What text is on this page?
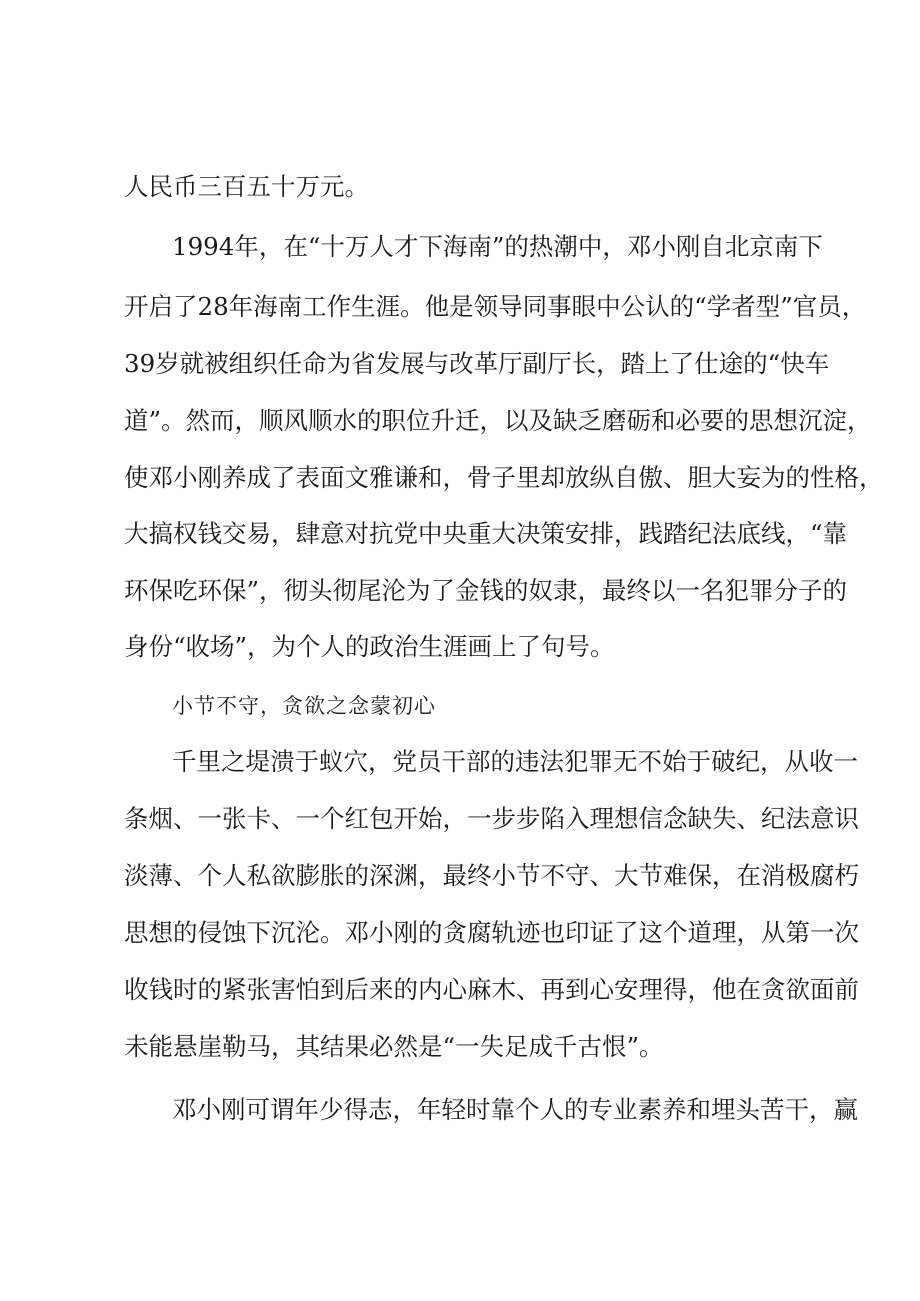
人民币三百五十万元。
1994年，在“十万人才下海南”的热潮中，邓小刚自北京南下
开启了28年海南工作生涯。他是领导同事眼中公认的“学者型”官员，
39岁就被组织任命为省发展与改革厅副厅长，踏上了仕途的“快车
道”。然而，顺风顺水的职位升迁，以及缺乏磨砺和必要的思想沉淀，
使邓小刚养成了表面文雅谦和，骨子里却放纵自傲、胆大妄为的性格，
大搞权钱交易，肆意对抗党中央重大决策安排，践踏纪法底线，“靠
环保吃环保”，彻头彻尾沦为了金钱的奴隶，最终以一名犯罪分子的
身份“收场”，为个人的政治生涯画上了句号。
小节不守，贪欲之念蒙初心
千里之堤溃于蚁穴，党员干部的违法犯罪无不始于破纪，从收一
条烟、一张卡、一个红包开始，一步步陷入理想信念缺失、纪法意识
淡薄、个人私欲膨胀的深渊，最终小节不守、大节难保，在消极腐朽
思想的侵蚀下沉沦。邓小刚的贪腐轨迹也印证了这个道理，从第一次
收钱时的紧张害怕到后来的内心麻木、再到心安理得，他在贪欲面前
未能悬崖勒马，其结果必然是“一失足成千古恨”。
邓小刚可谓年少得志，年轻时靠个人的专业素养和埋头苦干，赢
